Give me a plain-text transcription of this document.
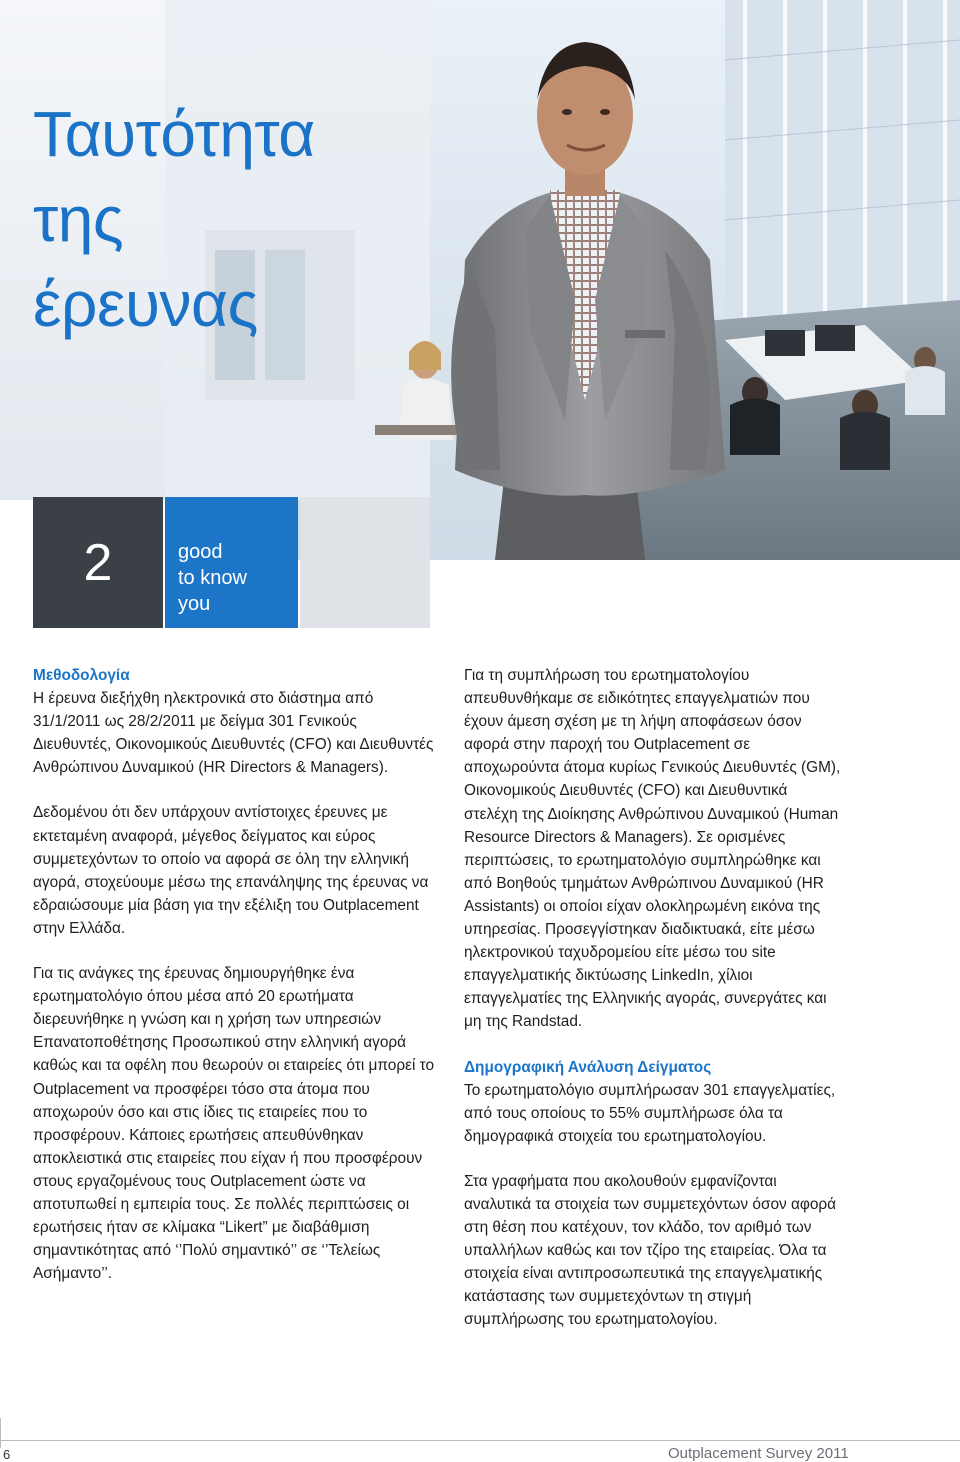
Ταυτότητα
της
έρευνας
2	good
to know
you
Μεθοδολογία

Η έρευνα διεξήχθη ηλεκτρονικά στο διάστημα από 31/1/2011 ως 28/2/2011 με δείγμα 301 Γενικούς Διευθυντές, Οικονομικούς Διευθυντές (CFO) και Διευθυντές Ανθρώπινου Δυναμικού (HR Directors & Managers).

Δεδομένου ότι δεν υπάρχουν αντίστοιχες έρευνες με εκτεταμένη αναφορά, μέγεθος δείγματος και εύρος συμμετεχόντων το οποίο να αφορά σε όλη την ελληνική αγορά, στοχεύουμε μέσω της επανάληψης της έρευνας να εδραιώσουμε μία βάση για την εξέλιξη του Outplacement στην Ελλάδα.

Για τις ανάγκες της έρευνας δημιουργήθηκε ένα ερωτηματολόγιο όπου μέσα από 20 ερωτήματα διερευνήθηκε η γνώση και η χρήση των υπηρεσιών Επανατοποθέτησης Προσωπικού στην ελληνική αγορά καθώς και τα οφέλη που θεωρούν οι εταιρείες ότι μπορεί το Outplacement να προσφέρει τόσο στα άτομα που αποχωρούν όσο και στις ίδιες τις εταιρείες που το προσφέρουν. Κάποιες ερωτήσεις απευθύνθηκαν αποκλειστικά στις εταιρείες που είχαν ή που προσφέρουν στους εργαζομένους τους Outplacement ώστε να αποτυπωθεί η εμπειρία τους. Σε πολλές περιπτώσεις οι ερωτήσεις ήταν σε κλίμακα “Likert” με διαβάθμιση σημαντικότητας από ‘’Πολύ σημαντικό’’ σε ‘’Τελείως Ασήμαντο’’.

Για τη συμπλήρωση του ερωτηματολογίου απευθυνθήκαμε σε ειδικότητες επαγγελματιών που έχουν άμεση σχέση με τη λήψη αποφάσεων όσον αφορά στην παροχή του Outplacement σε αποχωρούντα άτομα κυρίως Γενικούς Διευθυντές (GM), Οικονομικούς Διευθυντές (CFO) και Διευθυντικά στελέχη της Διοίκησης Ανθρώπινου Δυναμικού (Human Resource Directors & Managers). Σε ορισμένες περιπτώσεις, το ερωτηματολόγιο συμπληρώθηκε και από Βοηθούς τμημάτων Ανθρώπινου Δυναμικού (HR Assistants) οι οποίοι είχαν ολοκληρωμένη εικόνα της υπηρεσίας. Προσεγγίστηκαν διαδικτυακά, είτε μέσω ηλεκτρονικού ταχυδρομείου είτε μέσω του site επαγγελματικής δικτύωσης LinkedIn, χίλιοι επαγγελματίες της Ελληνικής αγοράς, συνεργάτες και μη της Randstad.

Δημογραφική Ανάλυση Δείγματος

Το ερωτηματολόγιο συμπλήρωσαν 301 επαγγελματίες, από τους οποίους το 55% συμπλήρωσε όλα τα δημογραφικά στοιχεία του ερωτηματολογίου.

Στα γραφήματα που ακολουθούν εμφανίζονται αναλυτικά τα στοιχεία των συμμετεχόντων όσον αφορά στη θέση που κατέχουν, τον κλάδο, τον αριθμό των υπαλλήλων καθώς και τον τζίρο της εταιρείας. Όλα τα στοιχεία είναι αντιπροσωπευτικά της επαγγελματικής κατάστασης των συμμετεχόντων τη στιγμή συμπλήρωσης του ερωτηματολογίου.

6	Outplacement Survey 2011
